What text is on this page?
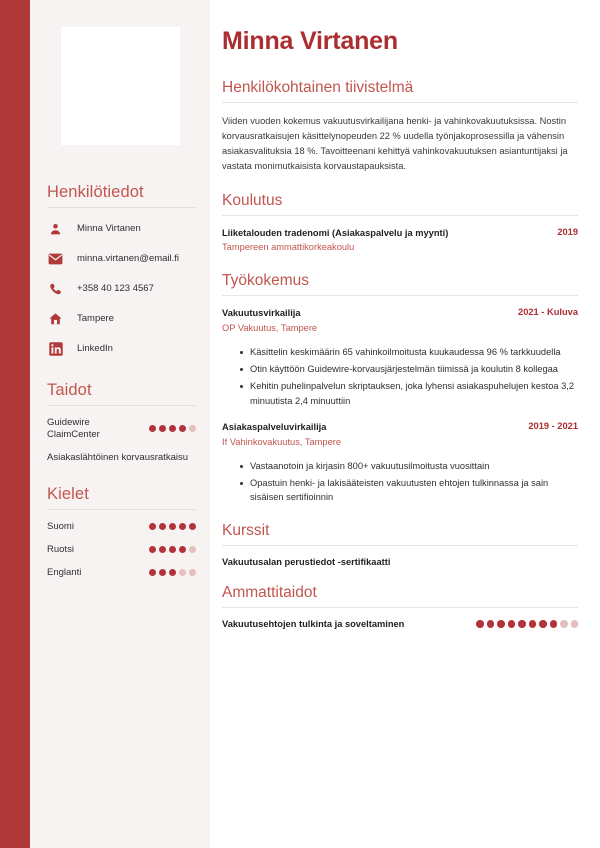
Henkilötiedot
Minna Virtanen
minna.virtanen@email.fi
+358 40 123 4567
Tampere
LinkedIn
Taidot
Guidewire ClaimCenter
Asiakaslähtöinen korvausratkaisu
Kielet
Suomi
Ruotsi
Englanti
Minna Virtanen
Henkilökohtainen tiivistelmä

Viiden vuoden kokemus vakuutusvirkailijana henki- ja vahinkovakuutuksissa. Nostin korvausratkaisujen käsittelynopeuden 22 % uudella työnjakoprosessilla ja vähensin asiakasvalituksia 18 %. Tavoitteenani kehittyä vahinkovakuutuksen asiantuntijaksi ja vastata monimutkaisista korvaustapauksista.

Koulutus
Liiketalouden tradenomi (Asiakaspalvelu ja myynti)	2019
Tampereen ammattikorkeakoulu
Työkokemus
Vakuutusvirkailija	2021 - Kuluva
OP Vakuutus, Tampere
Käsittelin keskimäärin 65 vahinkoilmoitusta kuukaudessa 96 % tarkkuudella
Otin käyttöön Guidewire-korvausjärjestelmän tiimissä ja koulutin 8 kollegaa
Kehitin puhelinpalvelun skriptauksen, joka lyhensi asiakaspuhelujen kestoa 3,2 minuutista 2,4 minuuttiin
Asiakaspalveluvirkailija	2019 - 2021
If Vahinkovakuutus, Tampere
Vastaanotoin ja kirjasin 800+ vakuutusilmoitusta vuosittain
Opastuin henki- ja lakisääteisten vakuutusten ehtojen tulkinnassa ja sain sisäisen sertifioinnin
Kurssit
Vakuutusalan perustiedot -sertifikaatti
Ammattitaidot
Vakuutusehtojen tulkinta ja soveltaminen
